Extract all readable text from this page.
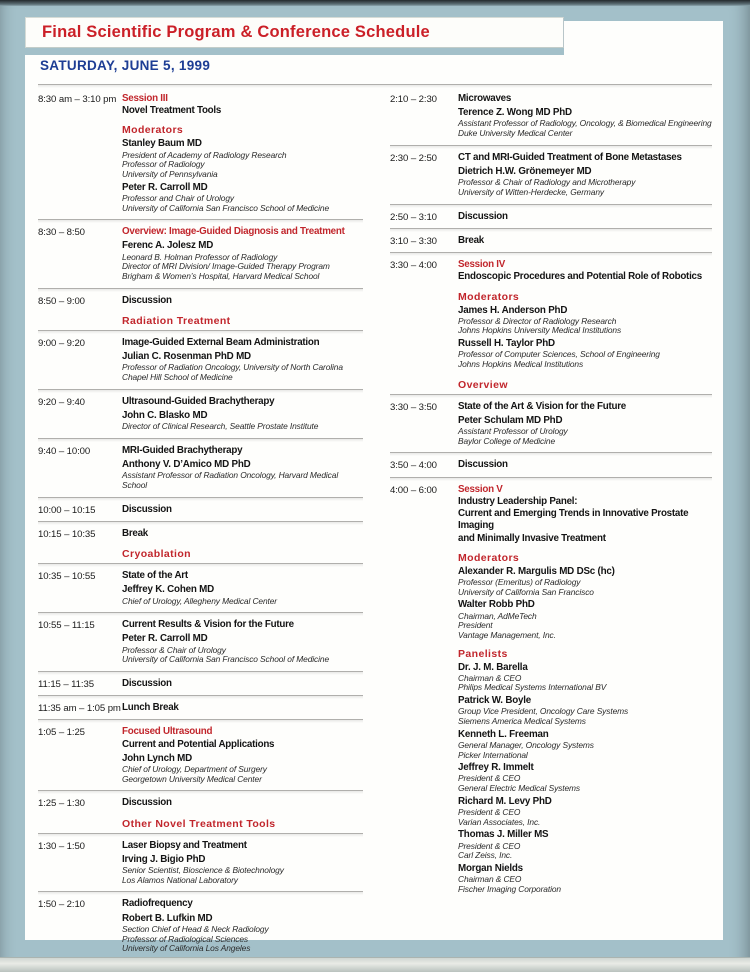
Final Scientific Program & Conference Schedule
SATURDAY, JUNE 5, 1999
8:30 am – 3:10 pm Session III
Novel Treatment Tools
Moderators
Stanley Baum MD
President of Academy of Radiology Research
Professor of Radiology
University of Pennsylvania
Peter R. Carroll MD
Professor and Chair of Urology
University of California San Francisco School of Medicine
8:30 – 8:50	Overview: Image-Guided Diagnosis and Treatment
Ferenc A. Jolesz MD
Leonard B. Holman Professor of Radiology
Director of MRI Division/ Image-Guided Therapy Program
Brigham & Women’s Hospital, Harvard Medical School
8:50 – 9:00	Discussion
Radiation Treatment
9:00 – 9:20	Image-Guided External Beam Administration
Julian C. Rosenman PhD MD
Professor of Radiation Oncology, University of North Carolina
Chapel Hill School of Medicine
9:20 – 9:40	Ultrasound-Guided Brachytherapy
John C. Blasko MD
Director of Clinical Research, Seattle Prostate Institute
9:40 – 10:00	MRI-Guided Brachytherapy
Anthony V. D’Amico MD PhD
Assistant Professor of Radiation Oncology, Harvard Medical School
10:00 – 10:15	Discussion
10:15 – 10:35	Break
Cryoablation
10:35 – 10:55	State of the Art
Jeffrey K. Cohen MD
Chief of Urology, Allegheny Medical Center
10:55 – 11:15	Current Results & Vision for the Future
Peter R. Carroll MD
Professor & Chair of Urology
University of California San Francisco School of Medicine
11:15 – 11:35	Discussion
11:35 am – 1:05 pm Lunch Break
1:05 – 1:25	Focused Ultrasound
Current and Potential Applications
John Lynch MD
Chief of Urology, Department of Surgery
Georgetown University Medical Center
1:25 – 1:30	Discussion
Other Novel Treatment Tools
1:30 – 1:50	Laser Biopsy and Treatment
Irving J. Bigio PhD
Senior Scientist, Bioscience & Biotechnology
Los Alamos National Laboratory
1:50 – 2:10	Radiofrequency
Robert B. Lufkin MD
Section Chief of Head & Neck Radiology
Professor of Radiological Sciences
University of California Los Angeles
2:10 – 2:30	Microwaves
Terence Z. Wong MD PhD
Assistant Professor of Radiology, Oncology, & Biomedical Engineering
Duke University Medical Center
2:30 – 2:50	CT and MRI-Guided Treatment of Bone Metastases
Dietrich H.W. Grönemeyer MD
Professor & Chair of Radiology and Microtherapy
University of Witten-Herdecke, Germany
2:50 – 3:10	Discussion
3:10 – 3:30	Break
3:30 – 4:00	Session IV
Endoscopic Procedures and Potential Role of Robotics
Moderators
James H. Anderson PhD
Professor & Director of Radiology Research
Johns Hopkins University Medical Institutions
Russell H. Taylor PhD
Professor of Computer Sciences, School of Engineering
Johns Hopkins Medical Institutions
Overview
3:30 – 3:50	State of the Art & Vision for the Future
Peter Schulam MD PhD
Assistant Professor of Urology
Baylor College of Medicine
3:50 – 4:00	Discussion
4:00 – 6:00	Session V
Industry Leadership Panel:
Current and Emerging Trends in Innovative Prostate Imaging
and Minimally Invasive Treatment
Moderators
Alexander R. Margulis MD DSc (hc)
Professor (Emeritus) of Radiology
University of California San Francisco
Walter Robb PhD
Chairman, AdMeTech
President
Vantage Management, Inc.
Panelists
Dr. J. M. Barella
Chairman & CEO
Philips Medical Systems International BV
Patrick W. Boyle
Group Vice President, Oncology Care Systems
Siemens America Medical Systems
Kenneth L. Freeman
General Manager, Oncology Systems
Picker International
Jeffrey R. Immelt
President & CEO
General Electric Medical Systems
Richard M. Levy PhD
President & CEO
Varian Associates, Inc.
Thomas J. Miller MS
President & CEO
Carl Zeiss, Inc.
Morgan Nields
Chairman & CEO
Fischer Imaging Corporation
